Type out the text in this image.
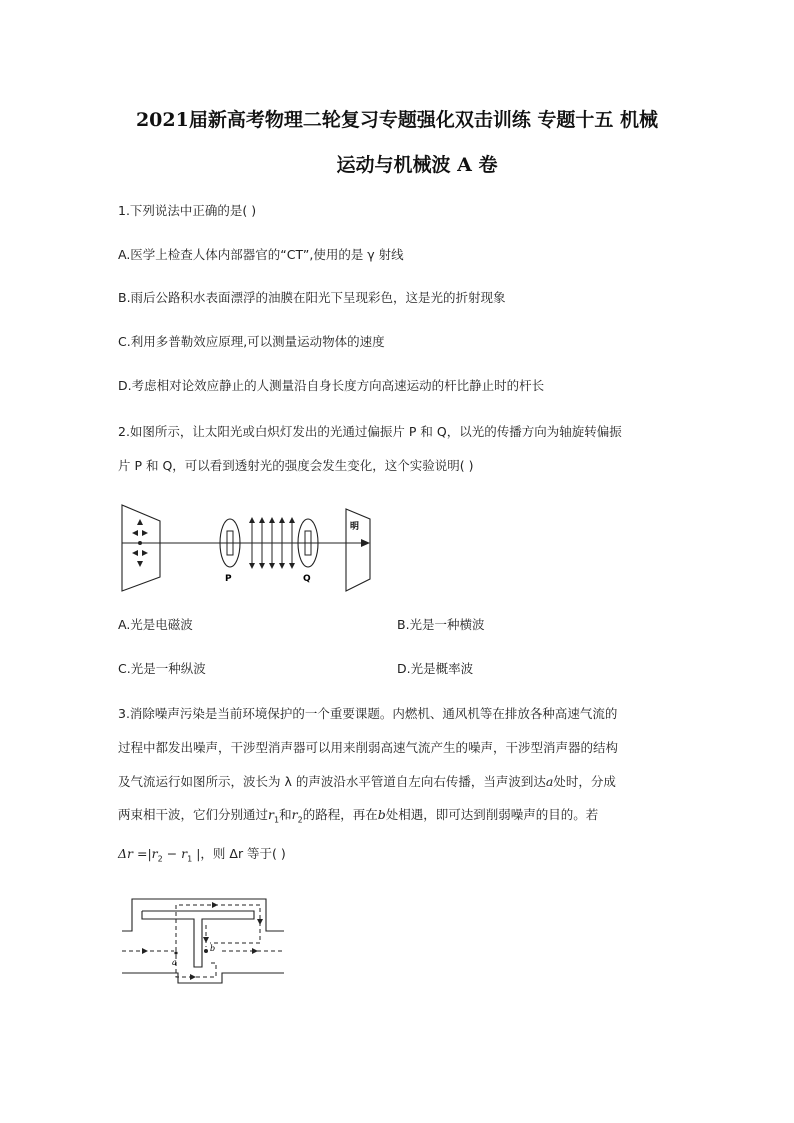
2021届新高考物理二轮复习专题强化双击训练 专题十五 机械
运动与机械波 A 卷
1.下列说法中正确的是( )
A.医学上检查人体内部器官的“CT”,使用的是 γ 射线
B.雨后公路积水表面漂浮的油膜在阳光下呈现彩色，这是光的折射现象
C.利用多普勒效应原理,可以测量运动物体的速度
D.考虑相对论效应静止的人测量沿自身长度方向高速运动的杆比静止时的杆长
2.如图所示，让太阳光或白炽灯发出的光通过偏振片 P 和 Q，以光的传播方向为轴旋转偏振
片 P 和 Q，可以看到透射光的强度会发生变化，这个实验说明( )
P	Q
明
A.光是电磁波	B.光是一种横波
C.光是一种纵波	D.光是概率波
3.消除噪声污染是当前环境保护的一个重要课题。内燃机、通风机等在排放各种高速气流的
过程中都发出噪声，干涉型消声器可以用来削弱高速气流产生的噪声，干涉型消声器的结构
及气流运行如图所示，波长为 λ 的声波沿水平管道自左向右传播，当声波到达a处时，分成
两束相干波，它们分别通过$r_1$和$r_2$的路程，再在b处相遇，即可达到削弱噪声的目的。若
$\Delta r =|r_2 - r_1$ |，则 Δr 等于( )
a
b
